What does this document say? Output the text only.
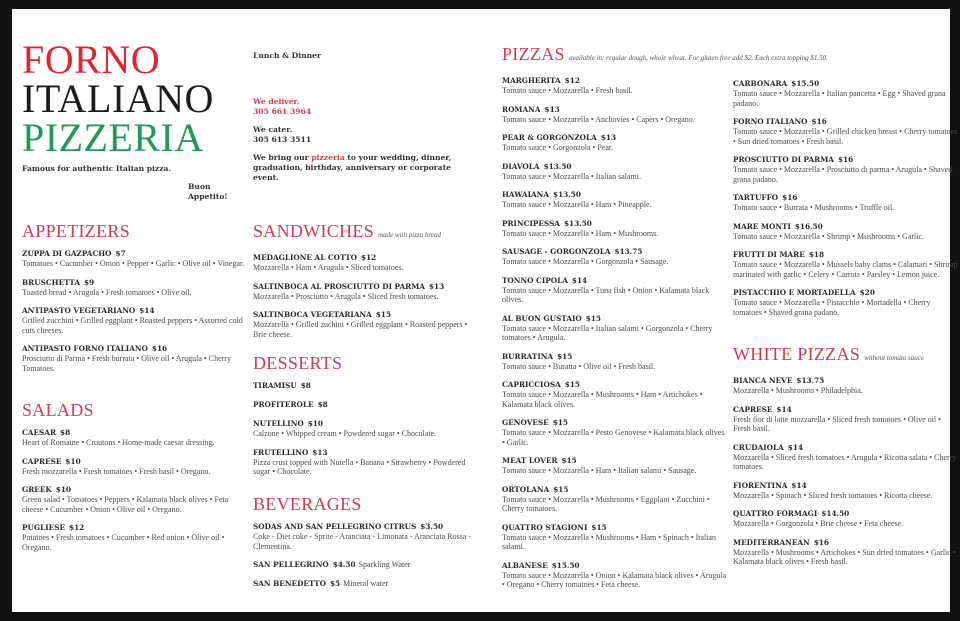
FORNO
ITALIANO
PIZZERIA
Famous for authentic Italian pizza.
Buon
Appetito!
Lunch & Dinner
We deliver.
305 661 3964
We cater.
305 613 3511
We bring our pizzeria to your wedding, dinner, graduation, birthday, anniversary or corporate event.
APPETIZERS
ZUPPA DI GAZPACHO $7
Tomatoes • Cucumber • Onion • Pepper • Garlic • Olive oil • Vinegar.
BRUSCHETTA $9
Toasted bread • Arugula • Fresh tomatoes • Olive oil.
ANTIPASTO VEGETARIANO $14
Grilled zucchini • Grilled eggplant • Roasted peppers • Assorted cold cuts cheeses.
ANTIPASTO FORNO ITALIANO $16
Prosciutto di Parma • Fresh burrata • Olive oil • Arugula • Cherry Tomatoes.
SALADS
CAESAR $8
Heart of Romaine • Croutons • Home-made caesar dressing.
CAPRESE $10
Fresh mozzarella • Fresh tomatoes • Fresh basil • Oregano.
GREEK $10
Green salad • Tomatoes • Peppers • Kalamata black olives • Feta cheese • Cucumber • Onion • Olive oil • Oregano.
PUGLIESE $12
Potatoes • Fresh tomatoes • Cucumber • Red onion • Olive oil • Oregano.
SANDWICHES made with pizza bread
MEDAGLIONE AL COTTO $12
Mozzarella • Ham • Arugula • Sliced tomatoes.
SALTINBOCA AL PROSCIUTTO DI PARMA $13
Mozzarella • Prosciutto • Arugula • Sliced fresh tomatoes.
SALTINBOCA VEGETARIANA $15
Mozzarella • Grilled zuchini • Grilled eggplant • Roasted peppers • Brie cheese.
DESSERTS
TIRAMISU $8
PROFITEROLE $8
NUTELLINO $10
Calzone • Whipped cream • Powdered sugar • Chocolate.
FRUTELLINO $13
Pizza crust topped with Nutella • Banana • Strawberry • Powdered sugar • Chocolate.
BEVERAGES
SODAS AND SAN PELLEGRINO CITRUS $3.50
Coke - Diet coke - Sprite - Aranciata - Limonata - Aranciata Rossa - Clementina.
SAN PELLEGRINO $4.50 Sparkling Water
SAN BENEDETTO $5 Mineral water
PIZZAS available in: regular dough, whole wheat. For gluten free add $2. Each extra topping $1.50.
MARGHERITA $12
Tomato sauce • Mozzarella • Fresh basil.
ROMANA $13
Tomato sauce • Mozzarella • Anchovies • Capers • Oregano.
PEAR & GORGONZOLA $13
Tomato sauce • Gorgonzola • Pear.
DIAVOLA $13.50
Tomato sauce • Mozzarella • Italian salami.
HAWAIANA $13.50
Tomato sauce • Mozzarella • Ham • Pineapple.
PRINCIPESSA $13.50
Tomato sauce • Mozzarella • Ham • Mushrooms.
SAUSAGE - GORGONZOLA $13.75
Tomato sauce • Mozzarella • Gorgonzola • Sausage.
TONNO CIPOLA $14
Tomato sauce • Mozzarella • Tuna fish • Onion • Kalamata black olives.
AL BUON GUSTAIO $15
Tomato sauce • Mozzarella • Italian salami • Gorgonzola • Cherry tomatoes • Arugula.
BURRATINA $15
Tomato sauce • Buratta • Olive oil • Fresh basil.
CAPRICCIOSA $15
Tomato sauce • Mozzarella • Mushrooms • Ham • Artichokes • Kalamata black olives.
GENOVESE $15
Tomato sauce • Mozzarella • Pesto Genovese • Kalamata black olives • Garlic.
MEAT LOVER $15
Tomato sauce • Mozzarella • Ham • Italian salami • Sausage.
ORTOLANA $15
Tomato sauce • Mozzarella • Mushrooms • Eggplant • Zucchini • Cherry tomatoes.
QUATTRO STAGIONI $15
Tomato sauce • Mozzarella • Mushrooms • Ham • Spinach • Italian salami.
ALBANESE $15.50
Tomato sauce • Mozzarella • Onion • Kalamata black olives • Arugula • Oregano • Cherry tomatoes • Feta cheese.
CARBONARA $15.50
Tomato sauce • Mozzarella • Italian pancetta • Egg • Shaved grana padano.
FORNO ITALIANO $16
Tomato sauce • Mozzarella • Grilled chicken breast • Cherry tomatoes • Sun dried tomatoes • Fresh basil.
PROSCIUTTO DI PARMA $16
Tomato sauce • Mozzarella • Prosciutto di parma • Arugula • Shaved grana padano.
TARTUFFO $16
Tomato sauce • Burrata • Mushrooms • Truffle oil.
MARE MONTI $16.50
Tomato sauce • Mozzarella • Shrimp • Mushrooms • Garlic.
FRUTTI DI MARE $18
Tomato sauce • Mozzarella • Mussels baby clams • Calamari • Shrimp marinated with garlic • Celery • Carrots • Parsley • Lemon juice.
PISTACCHIO E MORTADELLA $20
Tomato sauce • Mozzarella • Pistacchio • Mortadella • Cherry tomatoes • Shaved grana padano.
WHITE PIZZAS without tomato sauce
BIANCA NEVE $13.75
Mozzarella • Mushrooms • Philadelphia.
CAPRESE $14
Fresh fior di latte mozzarella • Sliced fresh tomatoes • Olive oil • Fresh basil.
CRUDAIOLA $14
Mozzarella • Sliced fresh tomatoes • Arugula • Ricotta salata • Cherry tomatoes.
FIORENTINA $14
Mozzarella • Spinach • Sliced fresh tomatoes • Ricotta cheese.
QUATTRO FORMAGI $14.50
Mozzarella • Gorgonzola • Brie cheese • Feta cheese.
MEDITERRANEAN $16
Mozzarella • Mushrooms • Artichokes • Sun dried tomatoes • Garlic • Kalamata black olives • Fresh basil.
